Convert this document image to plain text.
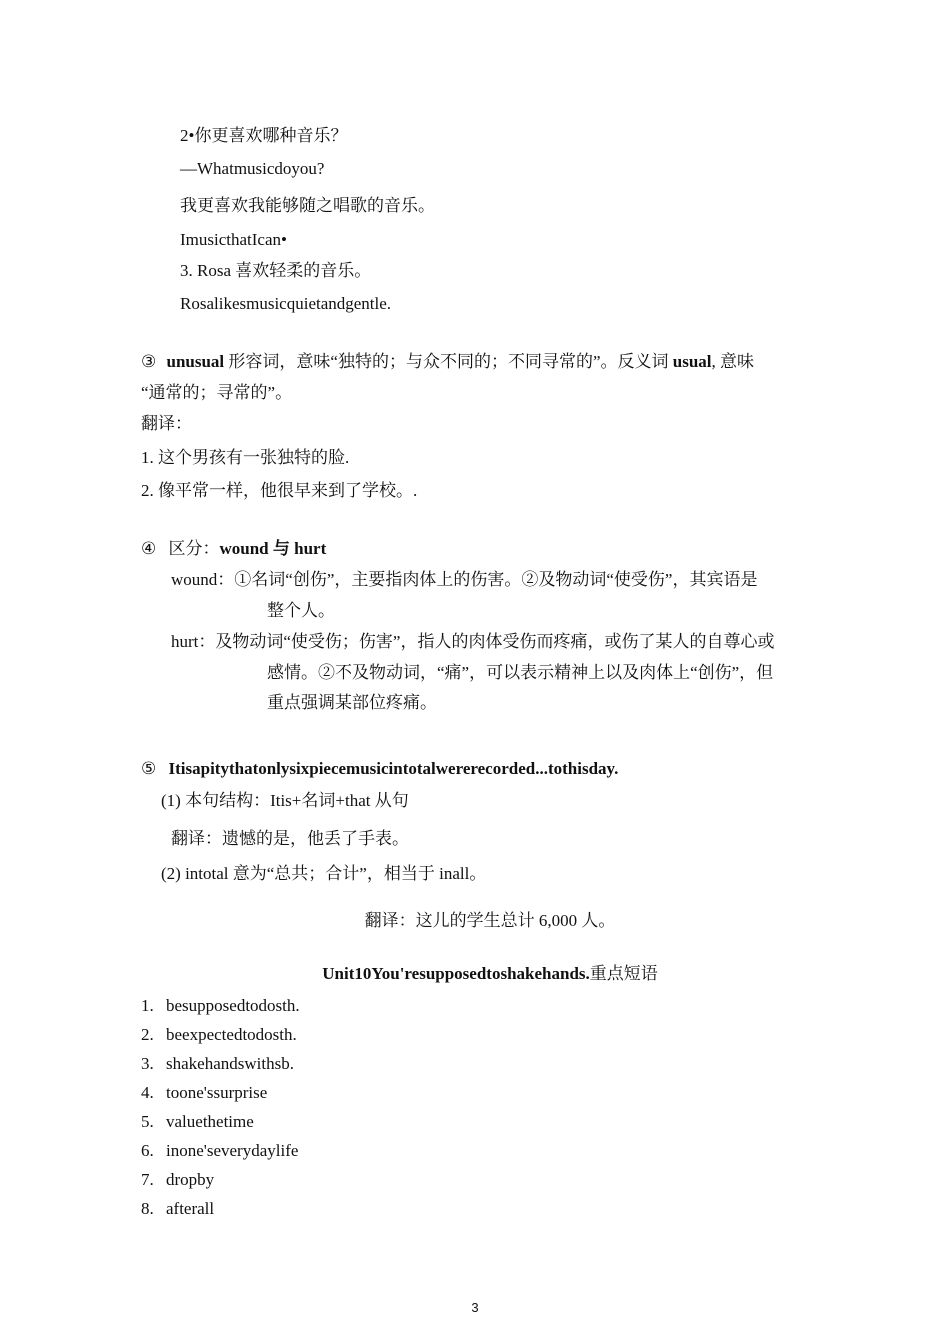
2•你更喜欢哪种音乐？
—Whatmusicdoyou?
我更喜欢我能够随之唱歌的音乐。
ImusicthatIcan•
3. Rosa 喜欢轻柔的音乐。
Rosalikesmusicquietandgentle.
③ unusual 形容词，意味“独特的；与众不同的；不同寻常的”。反义词 usual, 意味
“通常的；寻常的”。
翻译：
1. 这个男孩有一张独特的脸.
2. 像平常一样，他很早来到了学校。.
④ 区分：wound 与 hurt
wound：①名词“创伤”，主要指肉体上的伤害。②及物动词“使受伤”，其宾语是
整个人。
hurt：及物动词“使受伤；伤害”，指人的肉体受伤而疼痛，或伤了某人的自尊心或
感情。②不及物动词，“痛”，可以表示精神上以及肉体上“创伤”，但
重点强调某部位疼痛。
⑤ Itisapitythatonlysixpiecemusicintotalwererecorded...tothisday.
(1) 本句结构：Itis+名词+that 从句
翻译：遗憾的是，他丢了手表。
(2) intotal 意为“总共；合计”，相当于 inall。
翻译：这儿的学生总计 6,000 人。
Unit10You'resupposedtoshakehands.重点短语
1. besupposedtodosth.
2. beexpectedtodosth.
3. shakehandswithsb.
4. toone'ssurprise
5. valuethetime
6. inone'severydaylife
7. dropby
8. afterall
3
